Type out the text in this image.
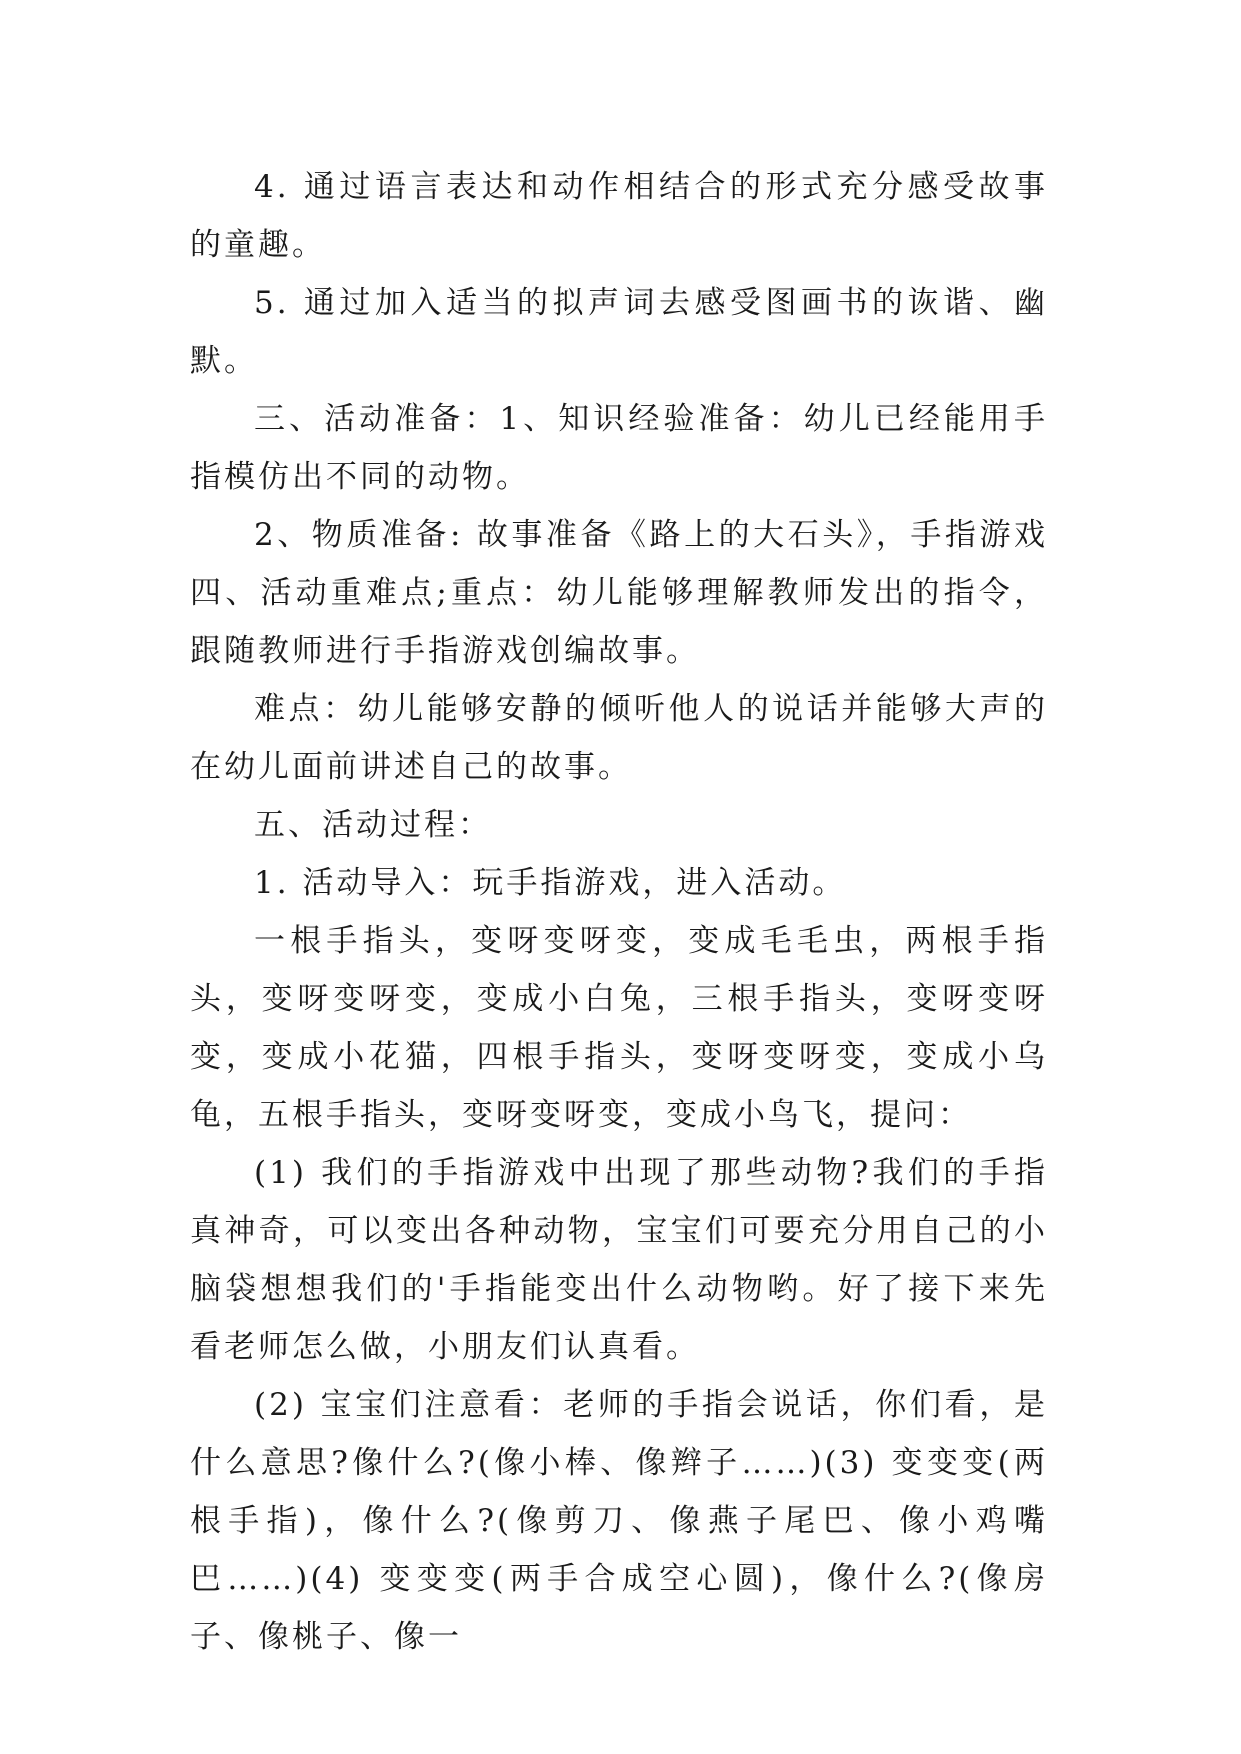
4. 通过语言表达和动作相结合的形式充分感受故事的童趣。

5. 通过加入适当的拟声词去感受图画书的诙谐、幽默。

三、活动准备：1、知识经验准备：幼儿已经能用手指模仿出不同的动物。

2、物质准备: 故事准备《路上的大石头》，手指游戏四、活动重难点;重点：幼儿能够理解教师发出的指令，跟随教师进行手指游戏创编故事。

难点：幼儿能够安静的倾听他人的说话并能够大声的在幼儿面前讲述自己的故事。

五、活动过程：

1. 活动导入：玩手指游戏，进入活动。

一根手指头，变呀变呀变，变成毛毛虫，两根手指头，变呀变呀变，变成小白兔，三根手指头，变呀变呀变，变成小花猫，四根手指头，变呀变呀变，变成小乌龟，五根手指头，变呀变呀变，变成小鸟飞，提问：

(1) 我们的手指游戏中出现了那些动物?我们的手指真神奇，可以变出各种动物，宝宝们可要充分用自己的小脑袋想想我们的'手指能变出什么动物哟。好了接下来先看老师怎么做，小朋友们认真看。

(2) 宝宝们注意看：老师的手指会说话，你们看，是什么意思?像什么?(像小棒、像辫子……)(3) 变变变(两根手指)，像什么?(像剪刀、像燕子尾巴、像小鸡嘴巴……)(4) 变变变(两手合成空心圆)，像什么?(像房子、像桃子、像一
